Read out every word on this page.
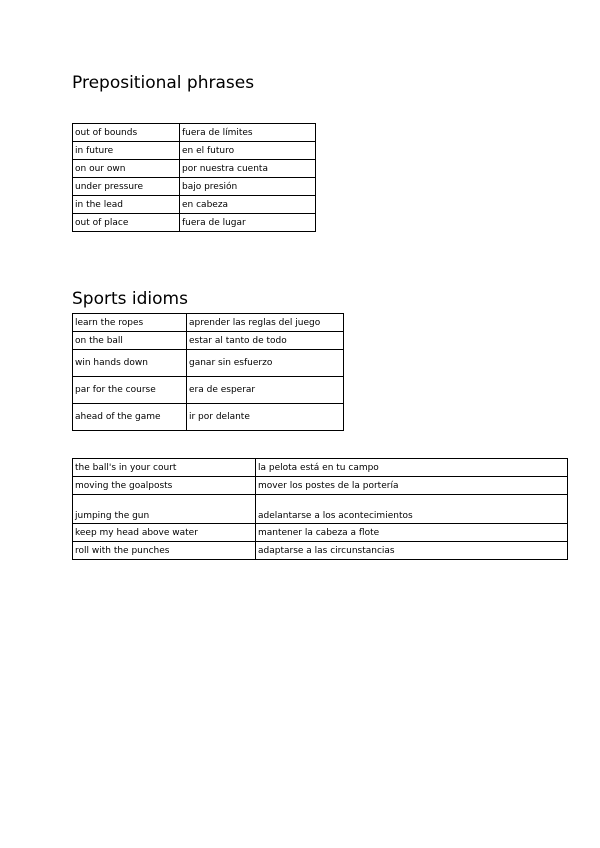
Prepositional phrases
out of bounds	fuera de límites
in future	en el futuro
on our own	por nuestra cuenta
under pressure	bajo presión
in the lead	en cabeza
out of place	fuera de lugar
Sports idioms
learn the ropes	aprender las reglas del juego
on the ball	estar al tanto de todo
win hands down	ganar sin esfuerzo
par for the course	era de esperar
ahead of the game	ir por delante
the ball's in your court	la pelota está en tu campo
moving the goalposts	mover los postes de la portería
jumping the gun	adelantarse a los acontecimientos
keep my head above water	mantener la cabeza a flote
roll with the punches	adaptarse a las circunstancias
